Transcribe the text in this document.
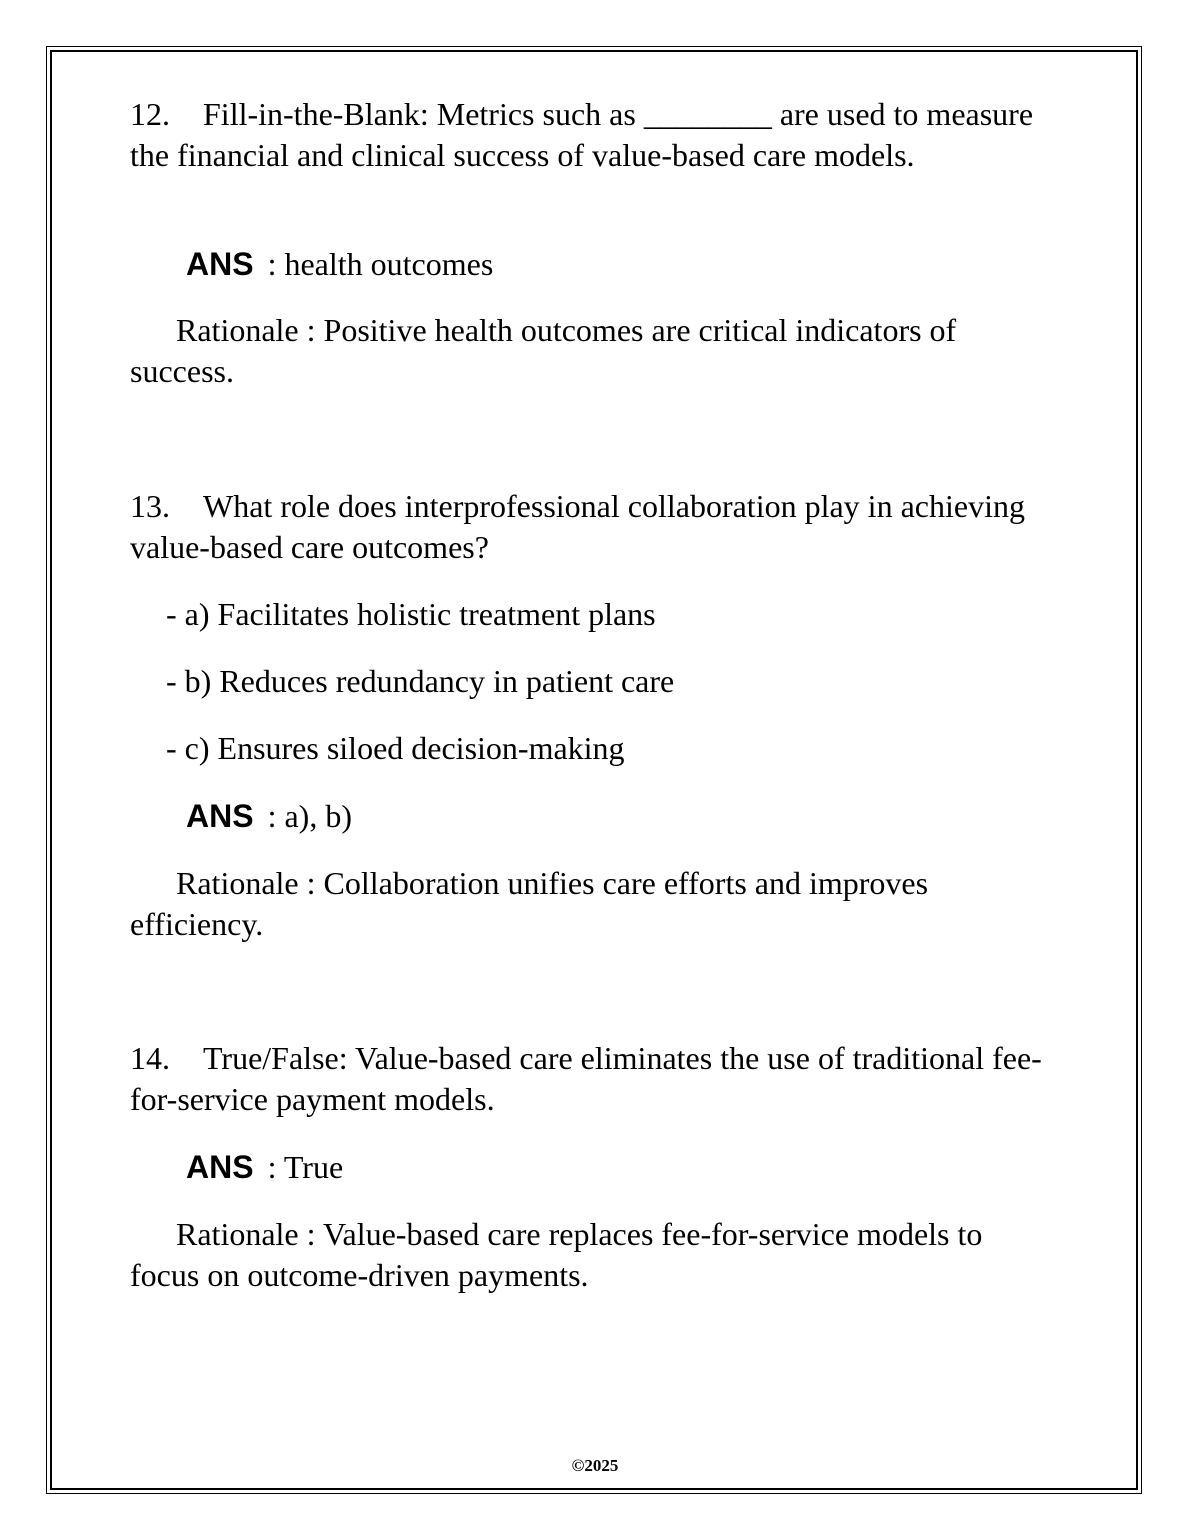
12. Fill-in-the-Blank: Metrics such as ________ are used to measure the financial and clinical success of value-based care models.

ANS : health outcomes

Rationale : Positive health outcomes are critical indicators of success.

13. What role does interprofessional collaboration play in achieving value-based care outcomes?

- a) Facilitates holistic treatment plans

- b) Reduces redundancy in patient care

- c) Ensures siloed decision-making

ANS : a), b)

Rationale : Collaboration unifies care efforts and improves efficiency.

14. True/False: Value-based care eliminates the use of traditional fee-for-service payment models.

ANS : True

Rationale : Value-based care replaces fee-for-service models to focus on outcome-driven payments.

©2025
